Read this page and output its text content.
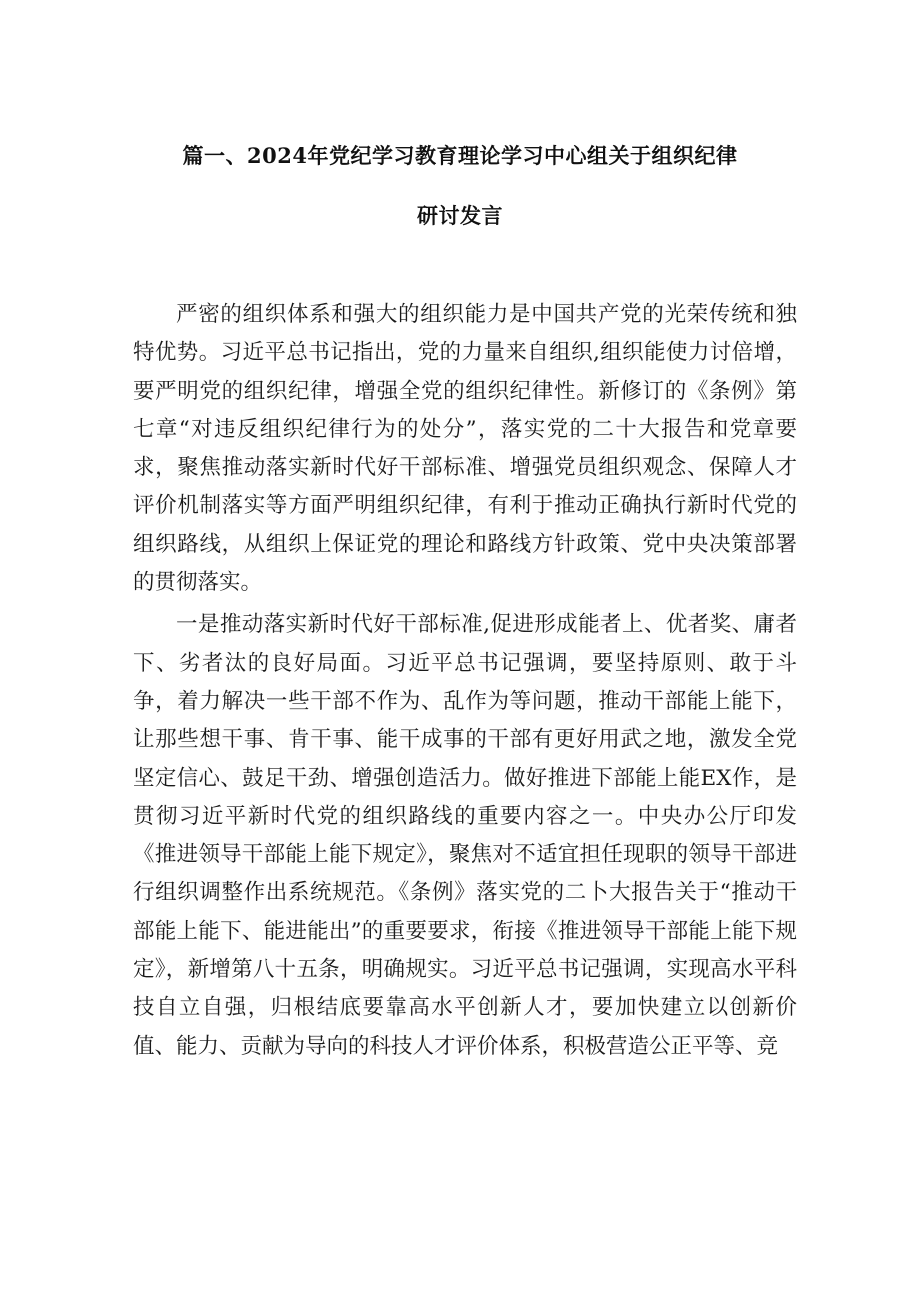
篇一、2024年党纪学习教育理论学习中心组关于组织纪律
研讨发言

严密的组织体系和强大的组织能力是中国共产党的光荣传统和独特优势。习近平总书记指出，党的力量来自组织,组织能使力讨倍增，要严明党的组织纪律，增强全党的组织纪律性。新修订的《条例》第七章“对违反组织纪律行为的处分”，落实党的二十大报告和党章要求，聚焦推动落实新时代好干部标准、增强党员组织观念、保障人才评价机制落实等方面严明组织纪律，有利于推动正确执行新时代党的组织路线，从组织上保证党的理论和路线方针政策、党中央决策部署的贯彻落实。

一是推动落实新时代好干部标准,促进形成能者上、优者奖、庸者下、劣者汰的良好局面。习近平总书记强调，要坚持原则、敢于斗争，着力解决一些干部不作为、乱作为等问题，推动干部能上能下，让那些想干事、肯干事、能干成事的干部有更好用武之地，激发全党坚定信心、鼓足干劲、增强创造活力。做好推进下部能上能EX作，是贯彻习近平新时代党的组织路线的重要内容之一。中央办公厅印发《推进领导干部能上能下规定》，聚焦对不适宜担任现职的领导干部进行组织调整作出系统规范。《条例》落实党的二卜大报告关于“推动干部能上能下、能进能出”的重要要求，衔接《推进领导干部能上能下规定》，新增第八十五条，明确规实。习近平总书记强调，实现高水平科技自立自强，归根结底要靠高水平创新人才，要加快建立以创新价值、能力、贡献为导向的科技人才评价体系，积极营造公正平等、竞
